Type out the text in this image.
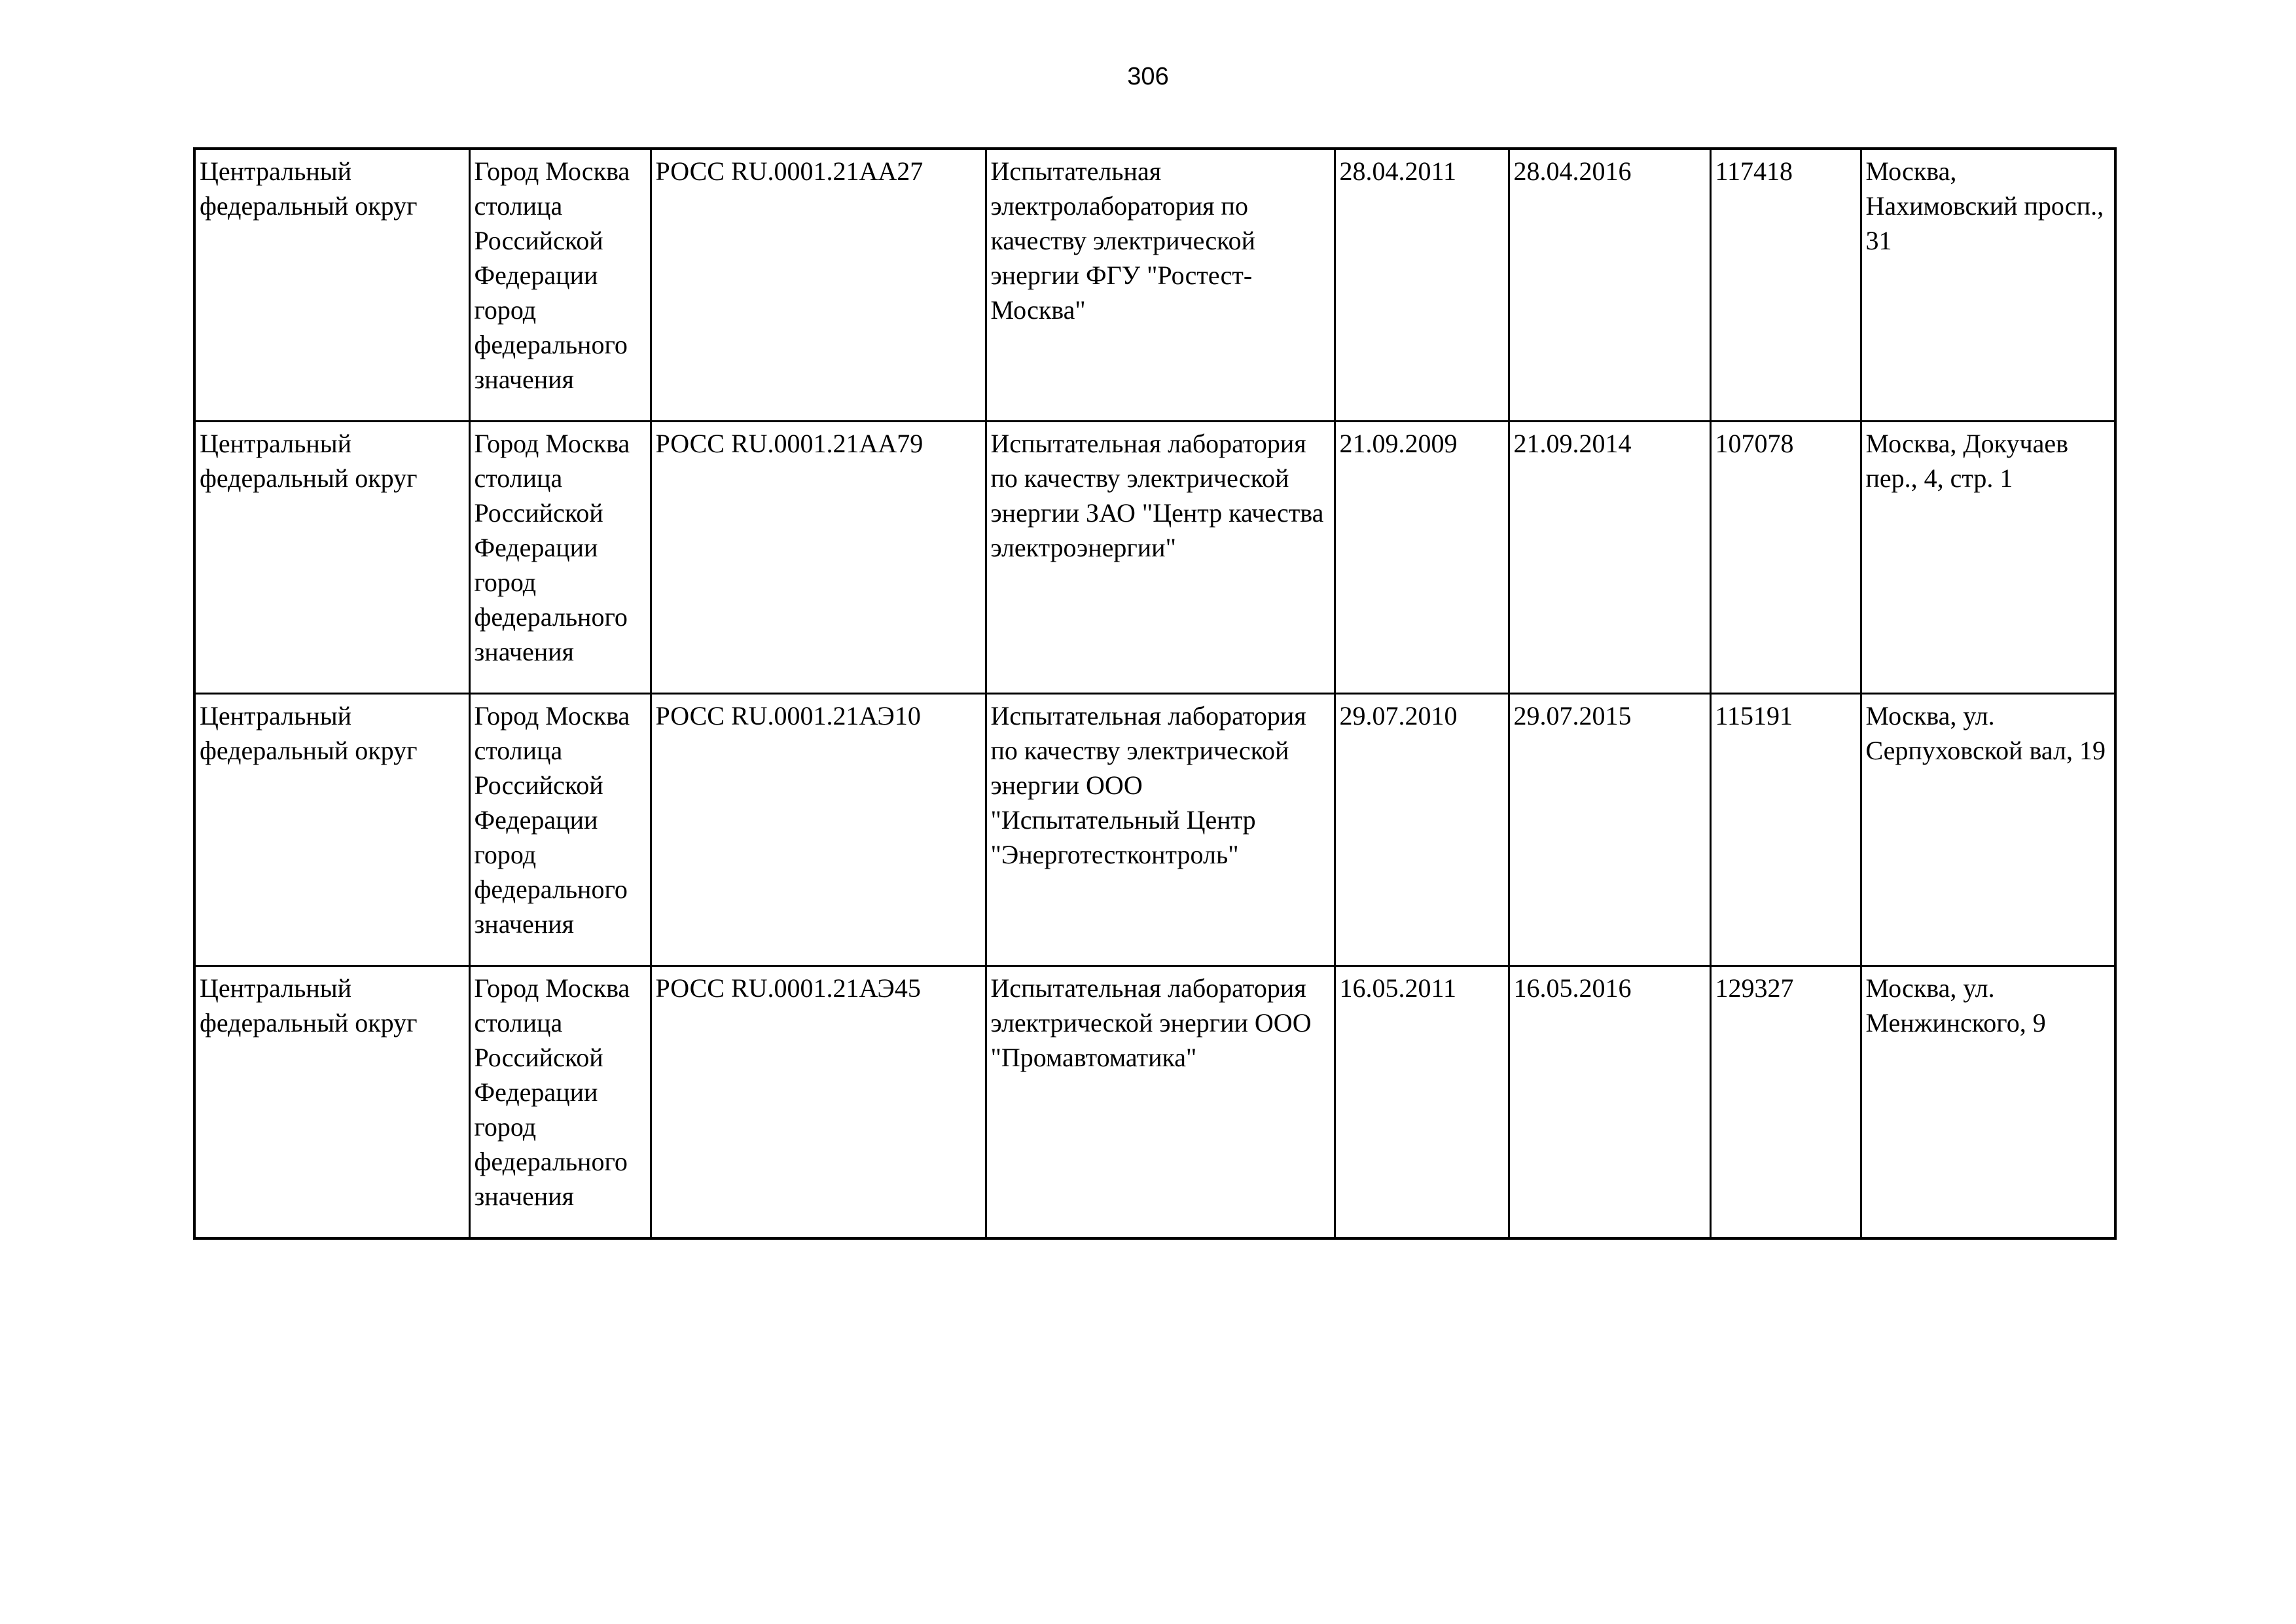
306
Центральный федеральный округ	Город Москва столица Российской Федерации город федерального значения	РОСС RU.0001.21АА27	Испытательная электролаборатория по качеству электрической энергии ФГУ "Ростест-Москва"	28.04.2011	28.04.2016	117418	Москва, Нахимовский просп., 31

Центральный федеральный округ	Город Москва столица Российской Федерации город федерального значения	РОСС RU.0001.21АА79	Испытательная лаборатория по качеству электрической энергии ЗАО "Центр качества электроэнергии"	21.09.2009	21.09.2014	107078	Москва, Докучаев пер., 4, стр. 1

Центральный федеральный округ	Город Москва столица Российской Федерации город федерального значения	РОСС RU.0001.21АЭ10	Испытательная лаборатория по качеству электрической энергии ООО "Испытательный Центр "Энерготестконтроль"	29.07.2010	29.07.2015	115191	Москва, ул. Серпуховской вал, 19

Центральный федеральный округ	Город Москва столица Российской Федерации город федерального значения	РОСС RU.0001.21АЭ45	Испытательная лаборатория электрической энергии ООО "Промавтоматика"	16.05.2011	16.05.2016	129327	Москва, ул. Менжинского, 9
